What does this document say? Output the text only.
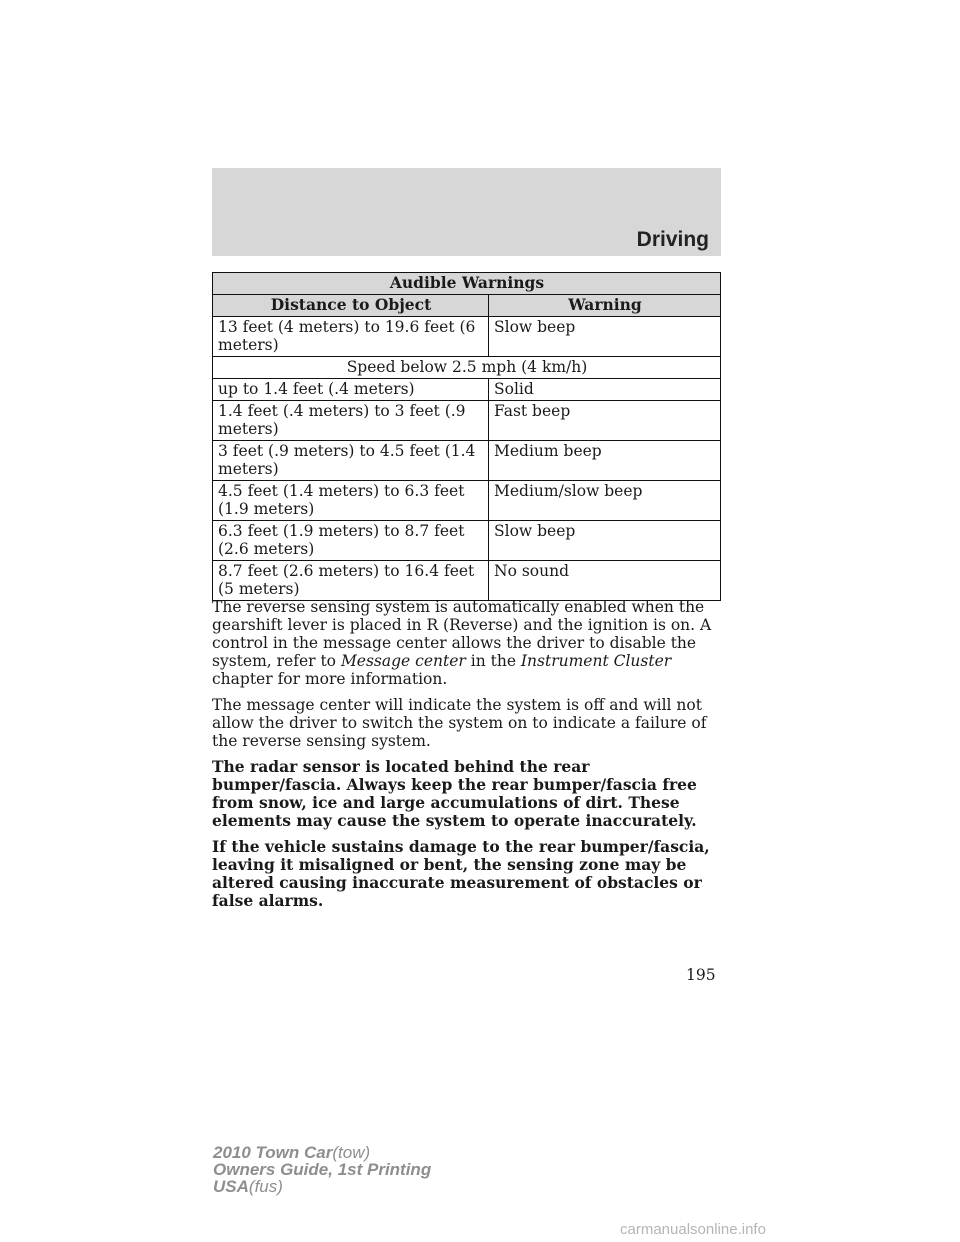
Driving
Audible Warnings	
Distance to Object	Warning
13 feet (4 meters) to 19.6 feet (6 meters)	Slow beep
Speed below 2.5 mph (4 km/h)	
up to 1.4 feet (.4 meters)	Solid
1.4 feet (.4 meters) to 3 feet (.9 meters)	Fast beep
3 feet (.9 meters) to 4.5 feet (1.4 meters)	Medium beep
4.5 feet (1.4 meters) to 6.3 feet (1.9 meters)	Medium/slow beep
6.3 feet (1.9 meters) to 8.7 feet (2.6 meters)	Slow beep
8.7 feet (2.6 meters) to 16.4 feet (5 meters)	No sound

The reverse sensing system is automatically enabled when the gearshift lever is placed in R (Reverse) and the ignition is on. A control in the message center allows the driver to disable the system, refer to Message center in the Instrument Cluster chapter for more information.

The message center will indicate the system is off and will not allow the driver to switch the system on to indicate a failure of the reverse sensing system.

The radar sensor is located behind the rear bumper/fascia. Always keep the rear bumper/fascia free from snow, ice and large accumulations of dirt. These elements may cause the system to operate inaccurately.

If the vehicle sustains damage to the rear bumper/fascia, leaving it misaligned or bent, the sensing zone may be altered causing inaccurate measurement of obstacles or false alarms.

195
2010 Town Car(tow)
Owners Guide, 1st Printing
USA(fus)
carmanualsonline.info
